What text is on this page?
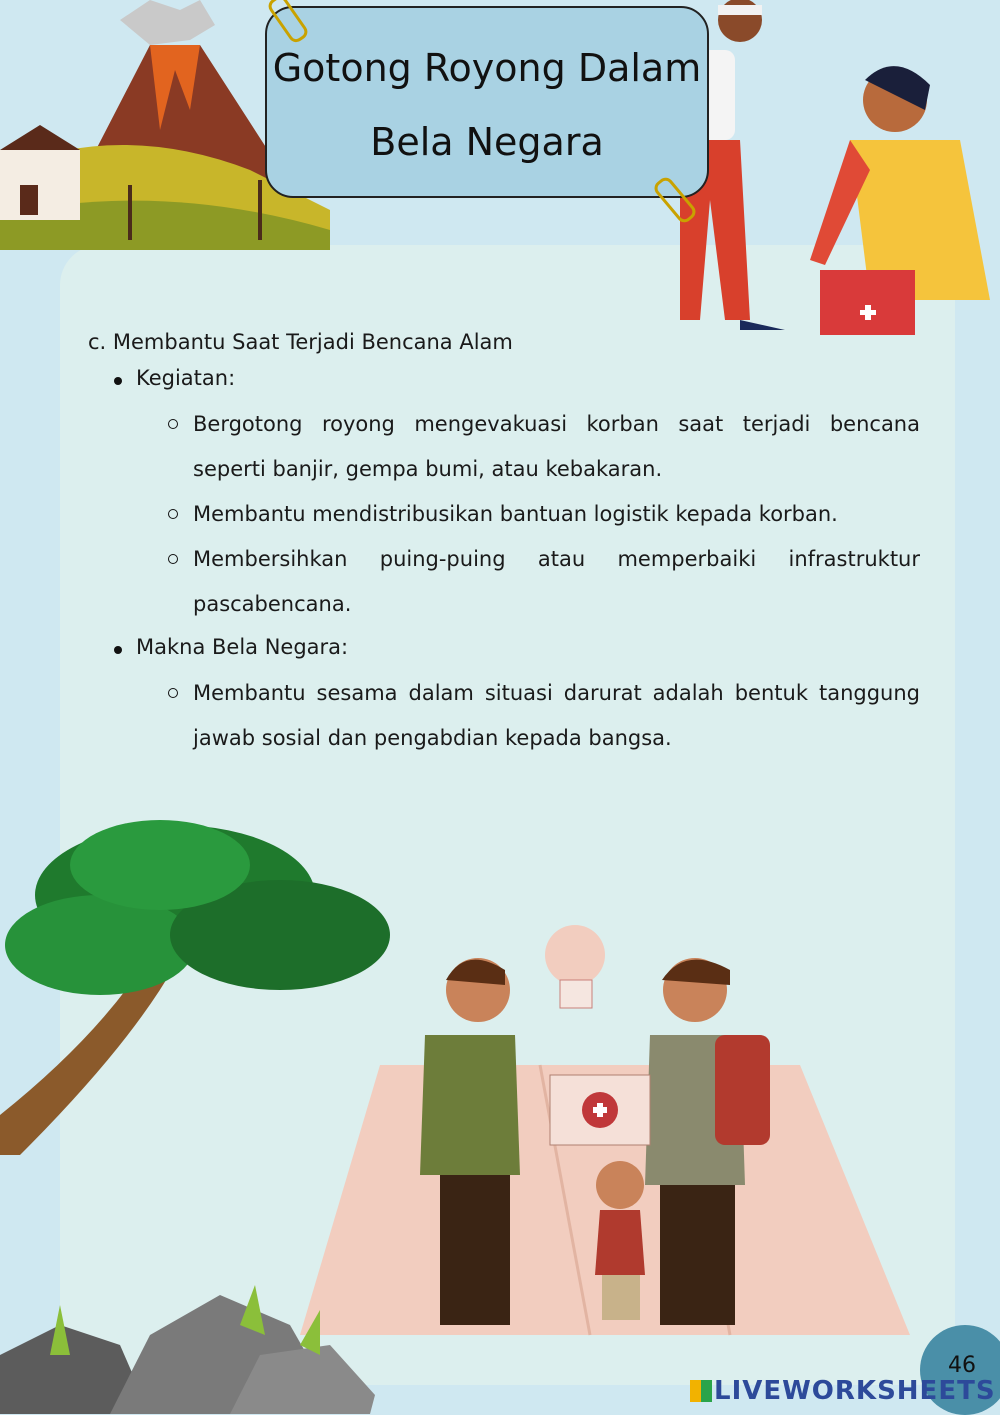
Gotong Royong Dalam
Bela Negara
c. Membantu Saat Terjadi Bencana Alam
Kegiatan:

Bergotong royong mengevakuasi korban saat terjadi bencana seperti banjir, gempa bumi, atau kebakaran.

Membantu mendistribusikan bantuan logistik kepada korban.

Membersihkan puing-puing atau memperbaiki infrastruktur pascabencana.

Makna Bela Negara:

Membantu sesama dalam situasi darurat adalah bentuk tanggung jawab sosial dan pengabdian kepada bangsa.

46
LIVEWORKSHEETS
